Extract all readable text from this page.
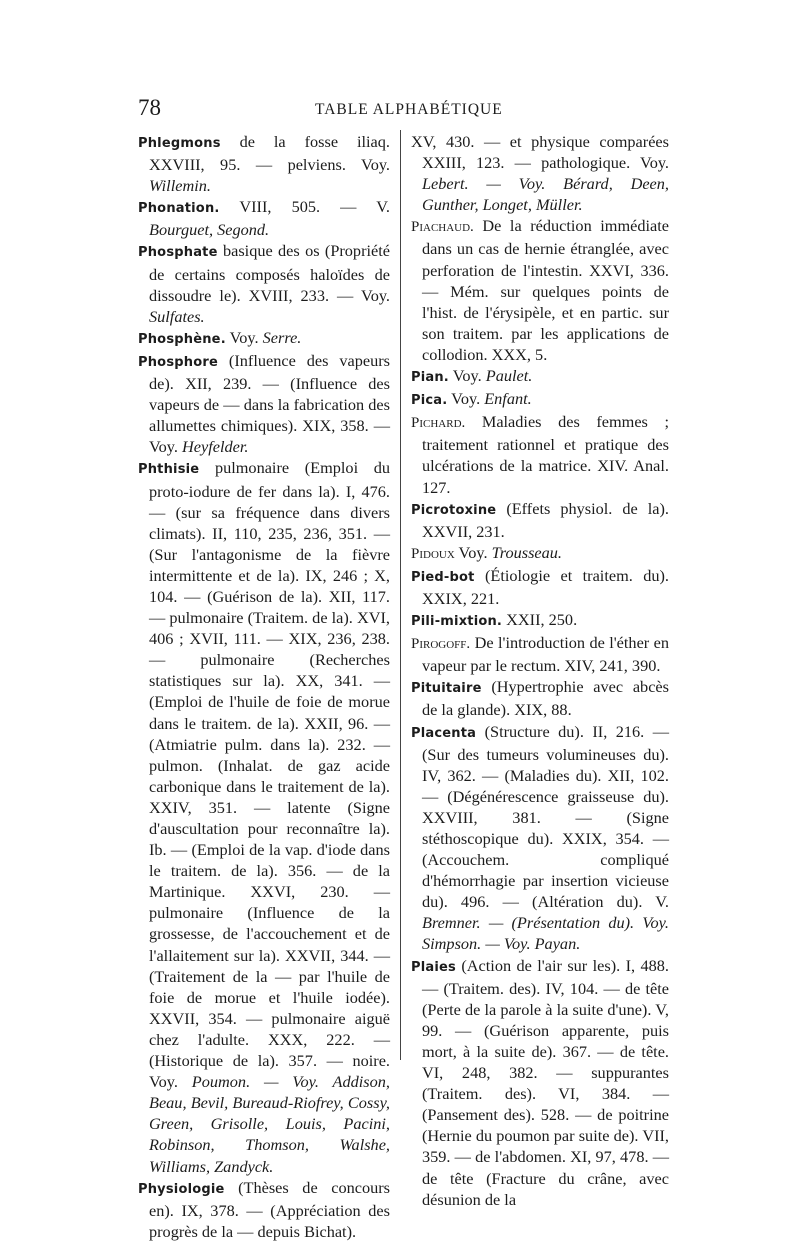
78	TABLE ALPHABÉTIQUE

Phlegmons de la fosse iliaq. XXVIII, 95. — pelviens. Voy. Willemin.

Phonation. VIII, 505. — V. Bourguet, Segond.

Phosphate basique des os (Propriété de certains composés haloïdes de dissoudre le). XVIII, 233. — Voy. Sulfates.

Phosphène. Voy. Serre.

Phosphore (Influence des vapeurs de). XII, 239. — (Influence des vapeurs de — dans la fabrication des allumettes chimiques). XIX, 358. — Voy. Heyfelder.

Phthisie pulmonaire (Emploi du proto-iodure de fer dans la). I, 476. — (sur sa fréquence dans divers climats). II, 110, 235, 236, 351. — (Sur l'antagonisme de la fièvre intermittente et de la). IX, 246 ; X, 104. — (Guérison de la). XII, 117. — pulmonaire (Traitem. de la). XVI, 406 ; XVII, 111. — XIX, 236, 238. — pulmonaire (Recherches statistiques sur la). XX, 341. — (Emploi de l'huile de foie de morue dans le traitem. de la). XXII, 96. — (Atmiatrie pulm. dans la). 232. — pulmon. (Inhalat. de gaz acide carbonique dans le traitement de la). XXIV, 351. — latente (Signe d'auscultation pour reconnaître la). Ib. — (Emploi de la vap. d'iode dans le traitem. de la). 356. — de la Martinique. XXVI, 230. — pulmonaire (Influence de la grossesse, de l'accouchement et de l'allaitement sur la). XXVII, 344. — (Traitement de la — par l'huile de foie de morue et l'huile iodée). XXVII, 354. — pulmonaire aiguë chez l'adulte. XXX, 222. — (Historique de la). 357. — noire. Voy. Poumon. — Voy. Addison, Beau, Bevil, Bureaud-Riofrey, Cossy, Green, Grisolle, Louis, Pacini, Robinson, Thomson, Walshe, Williams, Zandyck.

Physiologie (Thèses de concours en). IX, 378. — (Appréciation des progrès de la — depuis Bichat).

XV, 430. — et physique comparées XXIII, 123. — pathologique. Voy. Lebert. — Voy. Bérard, Deen, Gunther, Longet, Müller.

Piachaud. De la réduction immédiate dans un cas de hernie étranglée, avec perforation de l'intestin. XXVI, 336. — Mém. sur quelques points de l'hist. de l'érysipèle, et en partic. sur son traitem. par les applications de collodion. XXX, 5.

Pian. Voy. Paulet.

Pica. Voy. Enfant.

Pichard. Maladies des femmes ; traitement rationnel et pratique des ulcérations de la matrice. XIV. Anal. 127.

Picrotoxine (Effets physiol. de la). XXVII, 231.

Pidoux Voy. Trousseau.

Pied-bot (Étiologie et traitem. du). XXIX, 221.

Pili-mixtion. XXII, 250.

Pirogoff. De l'introduction de l'éther en vapeur par le rectum. XIV, 241, 390.

Pituitaire (Hypertrophie avec abcès de la glande). XIX, 88.

Placenta (Structure du). II, 216. — (Sur des tumeurs volumineuses du). IV, 362. — (Maladies du). XII, 102. — (Dégénérescence graisseuse du). XXVIII, 381. — (Signe stéthoscopique du). XXIX, 354. — (Accouchem. compliqué d'hémorrhagie par insertion vicieuse du). 496. — (Altération du). V. Bremner. — (Présentation du). Voy. Simpson. — Voy. Payan.

Plaies (Action de l'air sur les). I, 488. — (Traitem. des). IV, 104. — de tête (Perte de la parole à la suite d'une). V, 99. — (Guérison apparente, puis mort, à la suite de). 367. — de tête. VI, 248, 382. — suppurantes (Traitem. des). VI, 384. — (Pansement des). 528. — de poitrine (Hernie du poumon par suite de). VII, 359. — de l'abdomen. XI, 97, 478. — de tête (Fracture du crâne, avec désunion de la
